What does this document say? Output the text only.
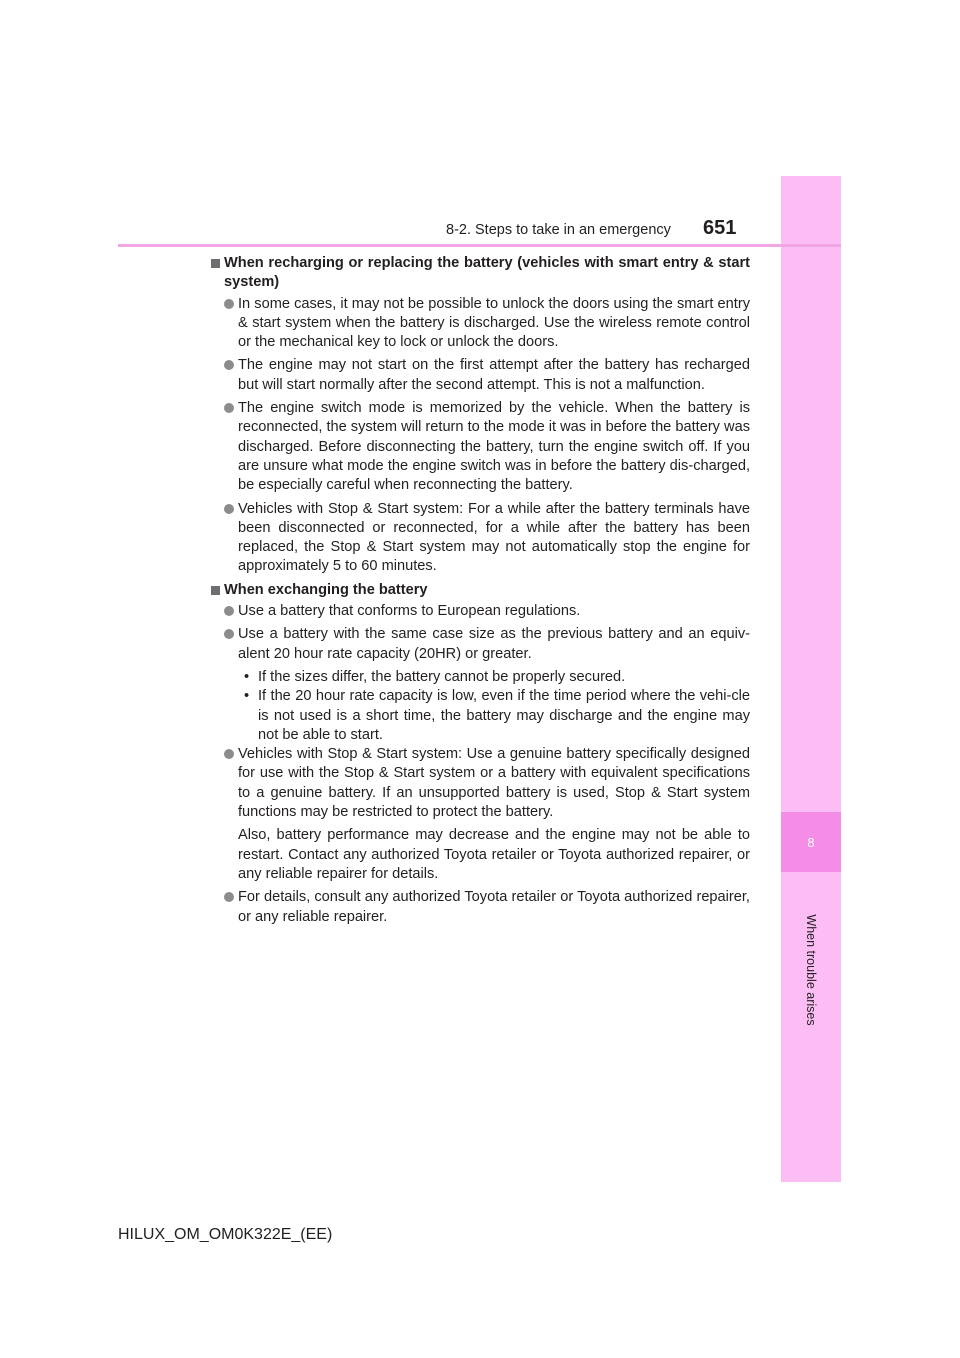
8
When trouble arises
8-2. Steps to take in an emergency 651
When recharging or replacing the battery (vehicles with smart entry & start system)
In some cases, it may not be possible to unlock the doors using the smart entry & start system when the battery is discharged. Use the wireless remote control or the mechanical key to lock or unlock the doors.
The engine may not start on the first attempt after the battery has recharged but will start normally after the second attempt. This is not a malfunction.
The engine switch mode is memorized by the vehicle. When the battery is reconnected, the system will return to the mode it was in before the battery was discharged. Before disconnecting the battery, turn the engine switch off. If you are unsure what mode the engine switch was in before the battery dis-charged, be especially careful when reconnecting the battery.
Vehicles with Stop & Start system: For a while after the battery terminals have been disconnected or reconnected, for a while after the battery has been replaced, the Stop & Start system may not automatically stop the engine for approximately 5 to 60 minutes.
When exchanging the battery
Use a battery that conforms to European regulations.
Use a battery with the same case size as the previous battery and an equiv-alent 20 hour rate capacity (20HR) or greater.
• If the sizes differ, the battery cannot be properly secured.
• If the 20 hour rate capacity is low, even if the time period where the vehi-cle is not used is a short time, the battery may discharge and the engine may not be able to start.
Vehicles with Stop & Start system: Use a genuine battery specifically designed for use with the Stop & Start system or a battery with equivalent specifications to a genuine battery. If an unsupported battery is used, Stop & Start system functions may be restricted to protect the battery.
Also, battery performance may decrease and the engine may not be able to restart. Contact any authorized Toyota retailer or Toyota authorized repairer, or any reliable repairer for details.
For details, consult any authorized Toyota retailer or Toyota authorized repairer, or any reliable repairer.
HILUX_OM_OM0K322E_(EE)
